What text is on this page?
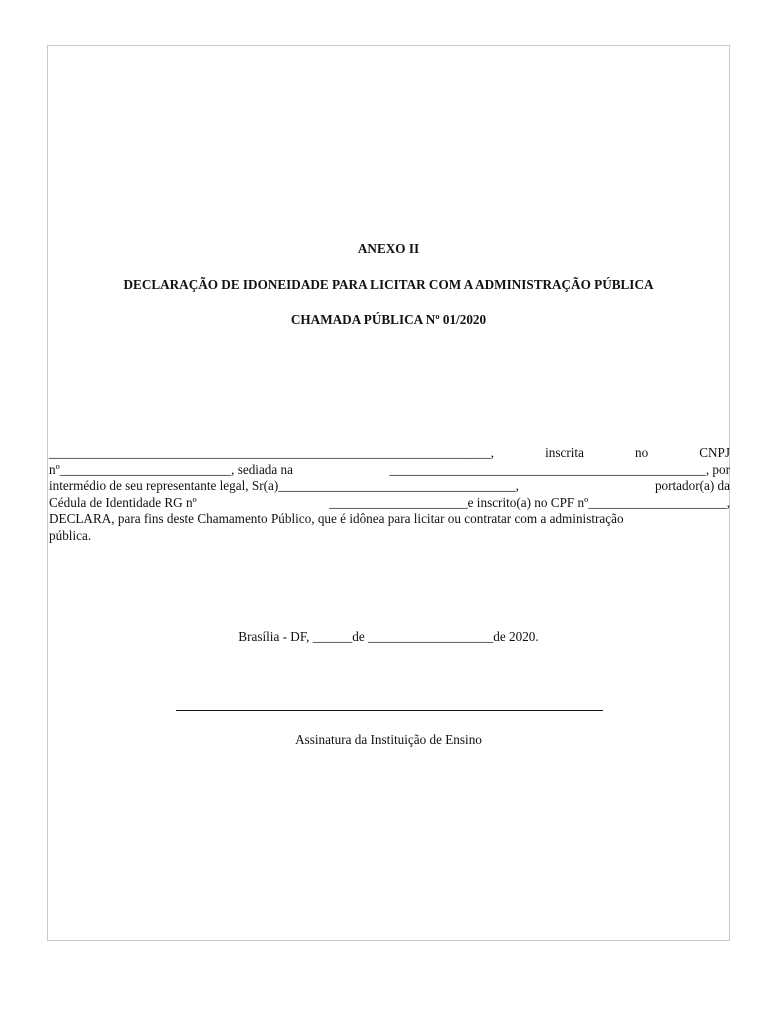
ANEXO II
DECLARAÇÃO DE IDONEIDADE PARA LICITAR COM A ADMINISTRAÇÃO PÚBLICA
CHAMADA PÚBLICA Nº 01/2020
___________________________________________________________________,	inscrita	no	CNPJ
nº__________________________, sediada na	________________________________________________, por
intermédio de seu representante legal, Sr(a)____________________________________,	portador(a) da
Cédula de Identidade RG nº	_____________________e inscrito(a) no CPF nº_____________________,
DECLARA, para fins deste Chamamento Público, que é idônea para licitar ou contratar com a administração
pública.
Brasília - DF, ______de ___________________de 2020.
Assinatura da Instituição de Ensino
